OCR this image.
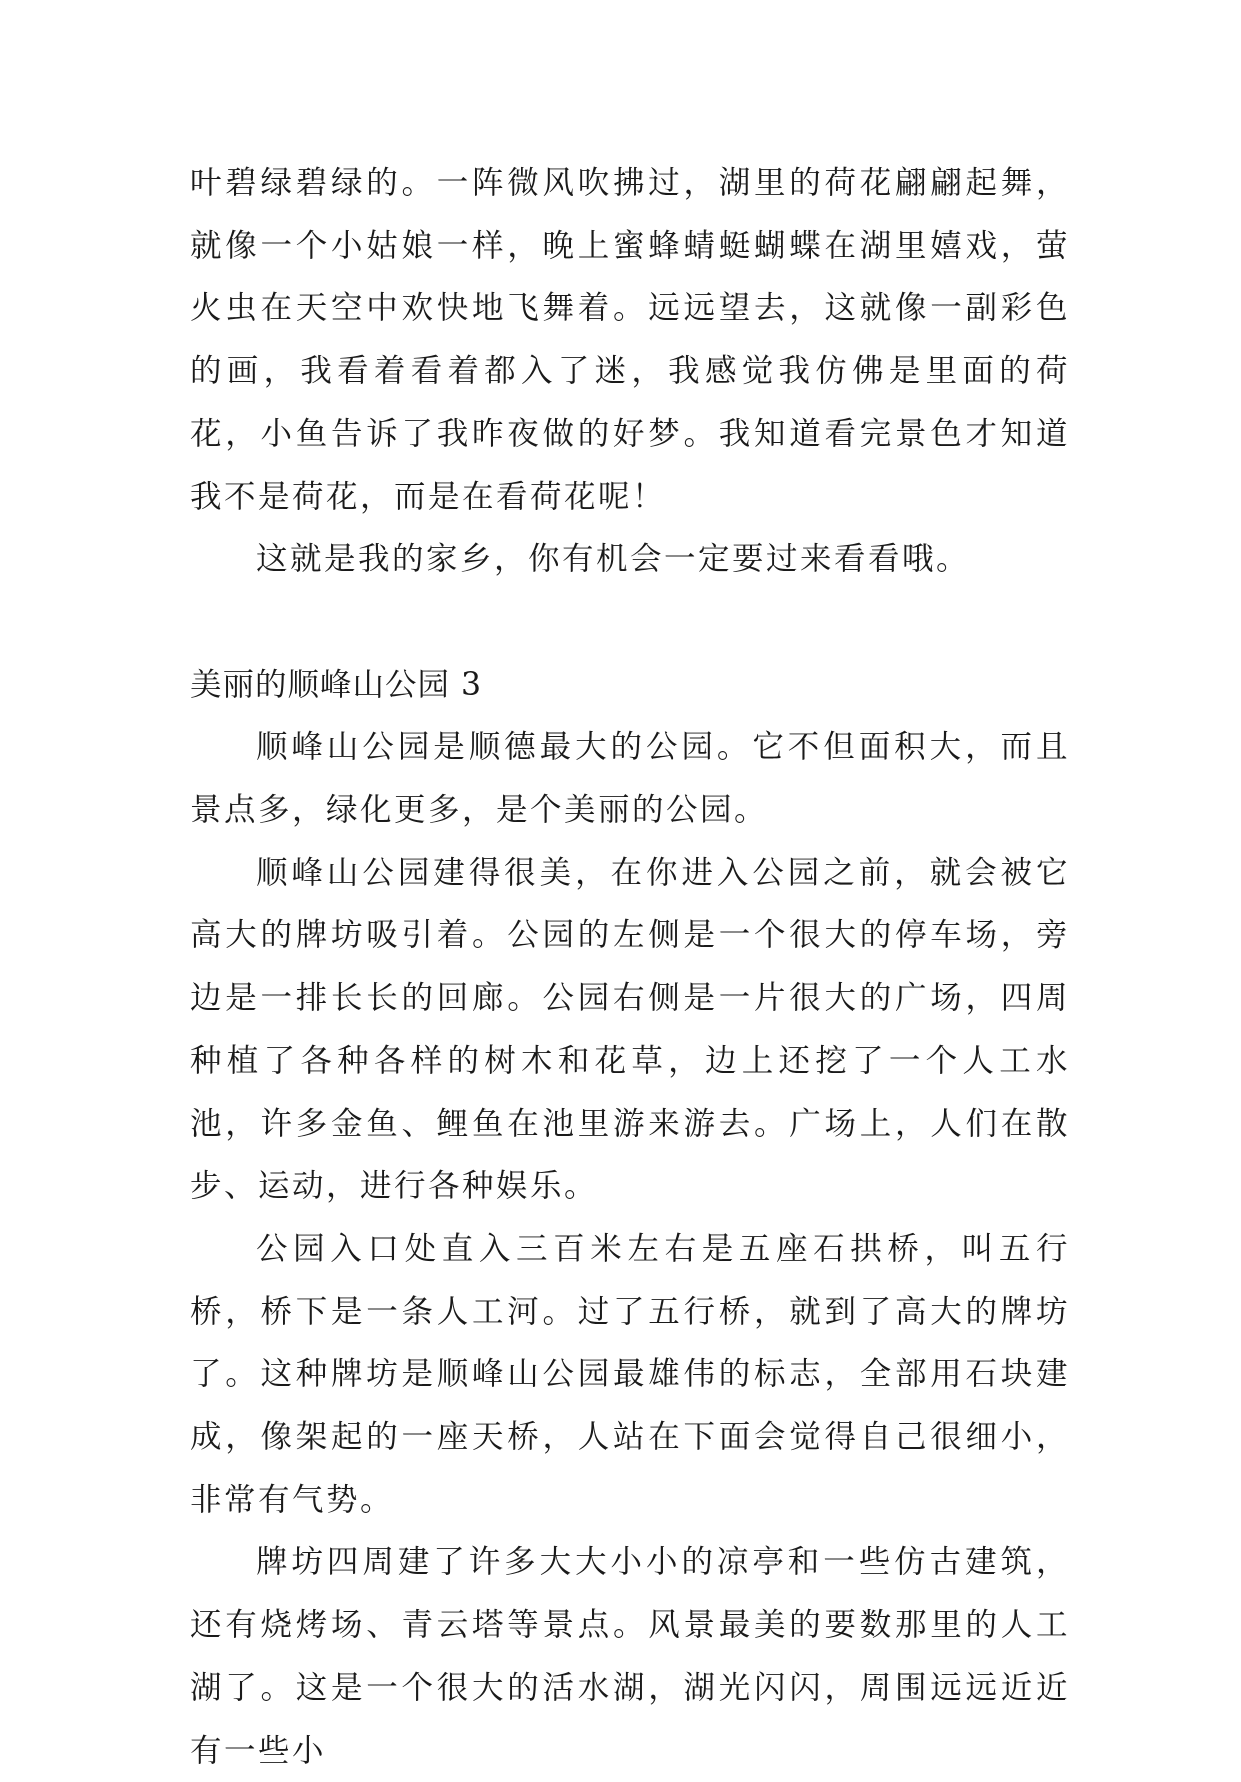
叶碧绿碧绿的。一阵微风吹拂过，湖里的荷花翩翩起舞，就像一个小姑娘一样，晚上蜜蜂蜻蜓蝴蝶在湖里嬉戏，萤火虫在天空中欢快地飞舞着。远远望去，这就像一副彩色的画，我看着看着都入了迷，我感觉我仿佛是里面的荷花，小鱼告诉了我昨夜做的好梦。我知道看完景色才知道我不是荷花，而是在看荷花呢！

这就是我的家乡，你有机会一定要过来看看哦。

美丽的顺峰山公园 3

顺峰山公园是顺德最大的公园。它不但面积大，而且景点多，绿化更多，是个美丽的公园。

顺峰山公园建得很美，在你进入公园之前，就会被它高大的牌坊吸引着。公园的左侧是一个很大的停车场，旁边是一排长长的回廊。公园右侧是一片很大的广场，四周种植了各种各样的树木和花草，边上还挖了一个人工水池，许多金鱼、鲤鱼在池里游来游去。广场上，人们在散步、运动，进行各种娱乐。

公园入口处直入三百米左右是五座石拱桥，叫五行桥，桥下是一条人工河。过了五行桥，就到了高大的牌坊了。这种牌坊是顺峰山公园最雄伟的标志，全部用石块建成，像架起的一座天桥，人站在下面会觉得自己很细小，非常有气势。

牌坊四周建了许多大大小小的凉亭和一些仿古建筑，还有烧烤场、青云塔等景点。风景最美的要数那里的人工湖了。这是一个很大的活水湖，湖光闪闪，周围远远近近有一些小
